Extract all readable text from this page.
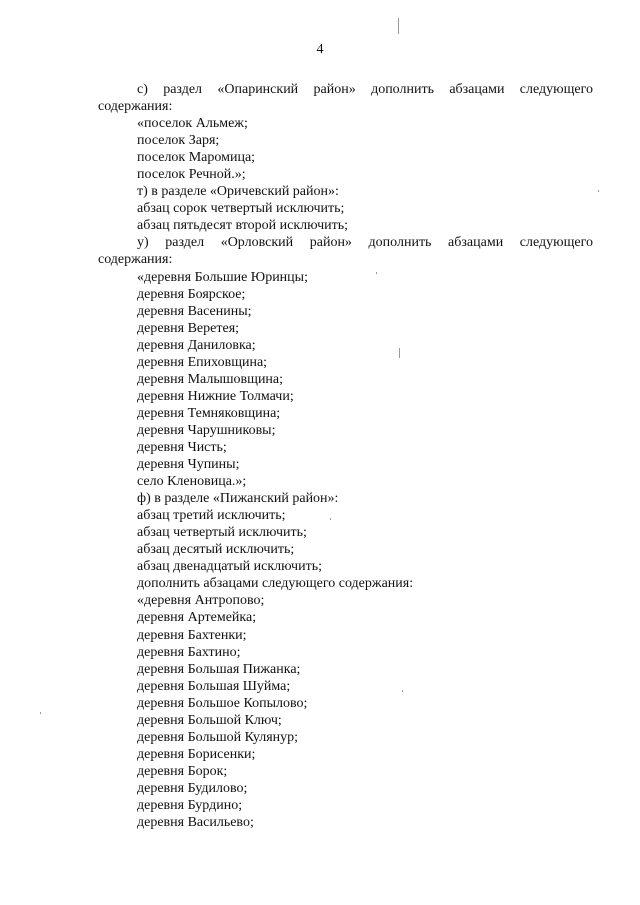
4

с) раздел «Опаринский район» дополнить абзацами следующего

содержания:

«поселок Альмеж;

поселок Заря;

поселок Маромица;

поселок Речной.»;

т) в разделе «Оричевский район»:

абзац сорок четвертый исключить;

абзац пятьдесят второй исключить;

у) раздел «Орловский район» дополнить абзацами следующего

содержания:

«деревня Большие Юринцы;

деревня Боярское;

деревня Васенины;

деревня Веретея;

деревня Даниловка;

деревня Епиховщина;

деревня Малышовщина;

деревня Нижние Толмачи;

деревня Темняковщина;

деревня Чарушниковы;

деревня Чисть;

деревня Чупины;

село Кленовица.»;

ф) в разделе «Пижанский район»:

абзац третий исключить;

абзац четвертый исключить;

абзац десятый исключить;

абзац двенадцатый исключить;

дополнить абзацами следующего содержания:

«деревня Антропово;

деревня Артемейка;

деревня Бахтенки;

деревня Бахтино;

деревня Большая Пижанка;

деревня Большая Шуйма;

деревня Большое Копылово;

деревня Большой Ключ;

деревня Большой Кулянур;

деревня Борисенки;

деревня Борок;

деревня Будилово;

деревня Бурдино;

деревня Васильево;
